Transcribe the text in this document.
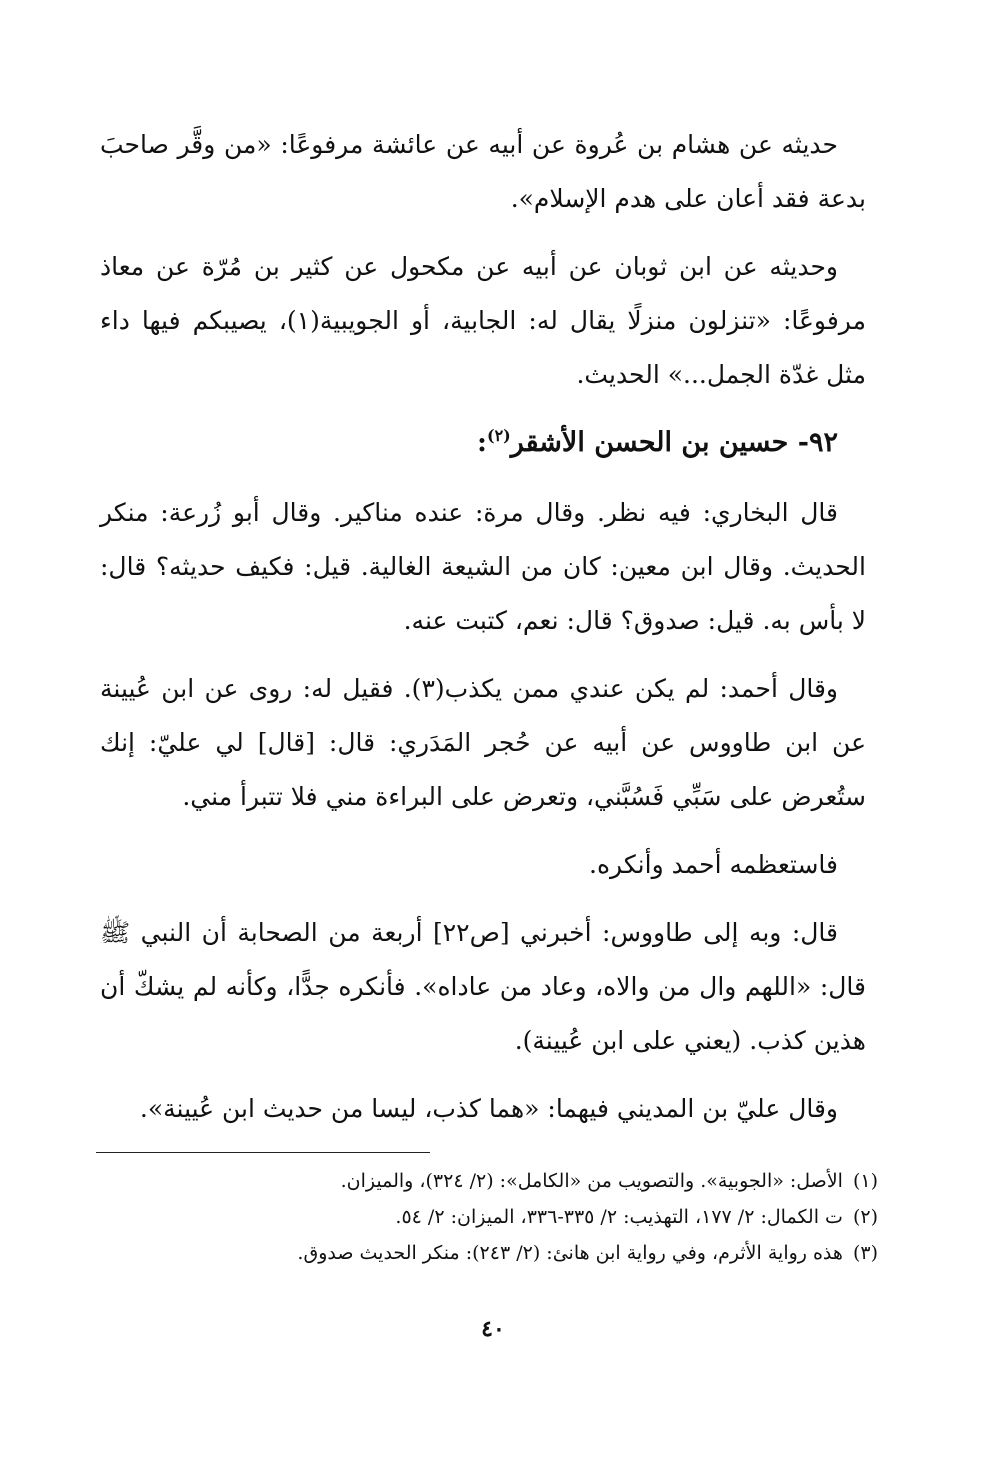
حديثه عن هشام بن عُروة عن أبيه عن عائشة مرفوعًا: «من وقَّر صاحبَ بدعة فقد أعان على هدم الإسلام».

وحديثه عن ابن ثوبان عن أبيه عن مكحول عن كثير بن مُرّة عن معاذ مرفوعًا: «تنزلون منزلًا يقال له: الجابية، أو الجويبية(١)، يصيبكم فيها داء مثل غدّة الجمل...» الحديث.

٩٢- حسين بن الحسن الأشقر$^{(٢)}$:

قال البخاري: فيه نظر. وقال مرة: عنده مناكير. وقال أبو زُرعة: منكر الحديث. وقال ابن معين: كان من الشيعة الغالية. قيل: فكيف حديثه؟ قال: لا بأس به. قيل: صدوق؟ قال: نعم، كتبت عنه.

وقال أحمد: لم يكن عندي ممن يكذب(٣). فقيل له: روى عن ابن عُيينة عن ابن طاووس عن أبيه عن حُجر المَدَري: قال: [قال] لي عليّ: إنك ستُعرض على سَبِّي فَسُبَّني، وتعرض على البراءة مني فلا تتبرأ مني.

فاستعظمه أحمد وأنكره.

قال: وبه إلى طاووس: أخبرني [ص٢٢] أربعة من الصحابة أن النبي ﷺ قال: «اللهم وال من والاه، وعاد من عاداه». فأنكره جدًّا، وكأنه لم يشكّ أن هذين كذب. (يعني على ابن عُيينة).

وقال عليّ بن المديني فيهما: «هما كذب، ليسا من حديث ابن عُيينة».

(١)الأصل: «الجوبية». والتصويب من «الكامل»: (٢/ ٣٢٤)، والميزان.

(٢)ت الكمال: ٢/ ١٧٧، التهذيب: ٢/ ٣٣٥-٣٣٦، الميزان: ٢/ ٥٤.

(٣)هذه رواية الأثرم، وفي رواية ابن هانئ: (٢/ ٢٤٣): منكر الحديث صدوق.

٤٠
